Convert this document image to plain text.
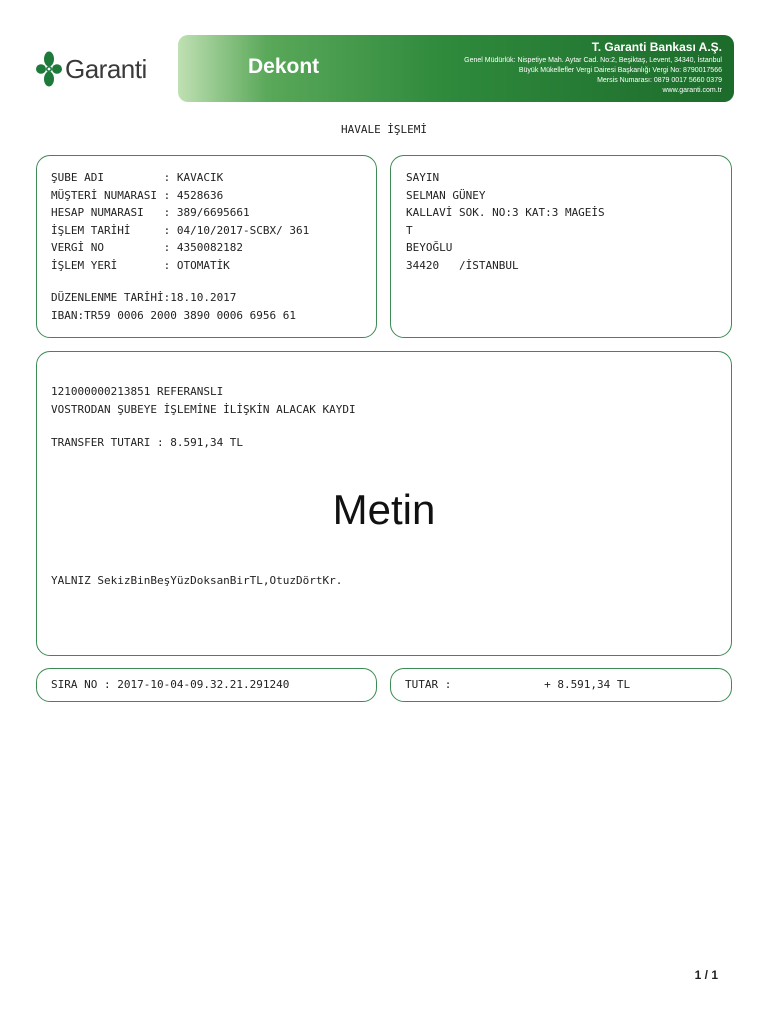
Garanti	Dekont
T. Garanti Bankası A.Ş.
Genel Müdürlük: Nispetiye Mah. Aytar Cad. No:2, Beşiktaş, Levent, 34340, İstanbul
Büyük Mükellefler Vergi Dairesi Başkanlığı Vergi No: 8790017566
Mersis Numarası: 0879 0017 5660 0379
www.garanti.com.tr
HAVALE İŞLEMİ
ŞUBE ADI         : KAVACIK
MÜŞTERİ NUMARASI : 4528636
HESAP NUMARASI   : 389/6695661
İŞLEM TARİHİ     : 04/10/2017-SCBX/ 361
VERGİ NO         : 4350082182
İŞLEM YERİ       : OTOMATİK
DÜZENLENME TARİHİ:18.10.2017
IBAN:TR59 0006 2000 3890 0006 6956 61
SAYIN
SELMAN GÜNEY
KALLAVİ SOK. NO:3 KAT:3 MAGEİS
T
BEYOĞLU
34420   /İSTANBUL
121000000213851 REFERANSLI
VOSTRODAN ŞUBEYE İŞLEMİNE İLİŞKİN ALACAK KAYDI
TRANSFER TUTARI : 8.591,34 TL
Metin
YALNIZ SekizBinBeşYüzDoksanBirTL,OtuzDörtKr.
SIRA NO : 2017-10-04-09.32.21.291240	TUTAR :              + 8.591,34 TL
1 / 1
